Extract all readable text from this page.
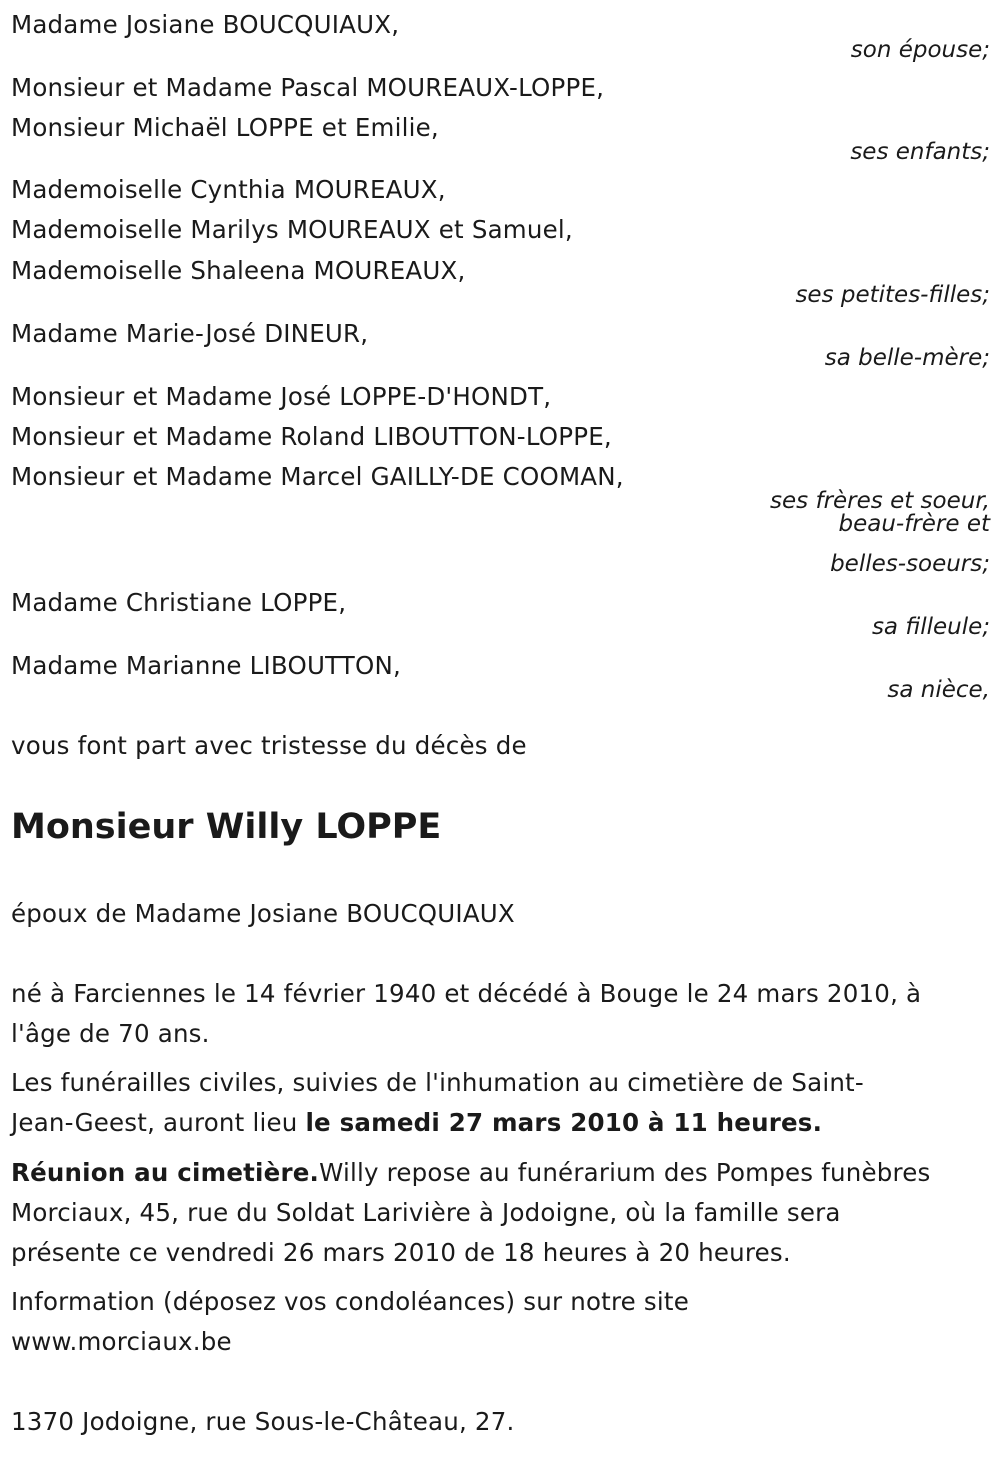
Madame Josiane BOUCQUIAUX,
son épouse;
Monsieur et Madame Pascal MOUREAUX-LOPPE,
Monsieur Michaël LOPPE et Emilie,
ses enfants;
Mademoiselle Cynthia MOUREAUX,
Mademoiselle Marilys MOUREAUX et Samuel,
Mademoiselle Shaleena MOUREAUX,
ses petites-filles;
Madame Marie-José DINEUR,
sa belle-mère;
Monsieur et Madame José LOPPE-D'HONDT,
Monsieur et Madame Roland LIBOUTTON-LOPPE,
Monsieur et Madame Marcel GAILLY-DE COOMAN,
ses frères et soeur,
beau-frère et
belles-soeurs;
Madame Christiane LOPPE,
sa filleule;
Madame Marianne LIBOUTTON,
sa nièce,
vous font part avec tristesse du décès de
Monsieur Willy LOPPE
époux de Madame Josiane BOUCQUIAUX
né à Farciennes le 14 février 1940 et décédé à Bouge le 24 mars 2010, à
l'âge de 70 ans.
Les funérailles civiles, suivies de l'inhumation au cimetière de Saint-
Jean-Geest, auront lieu le samedi 27 mars 2010 à 11 heures.
Réunion au cimetière.Willy repose au funérarium des Pompes funèbres
Morciaux, 45, rue du Soldat Larivière à Jodoigne, où la famille sera
présente ce vendredi 26 mars 2010 de 18 heures à 20 heures.
Information (déposez vos condoléances) sur notre site
www.morciaux.be
1370 Jodoigne, rue Sous-le-Château, 27.
